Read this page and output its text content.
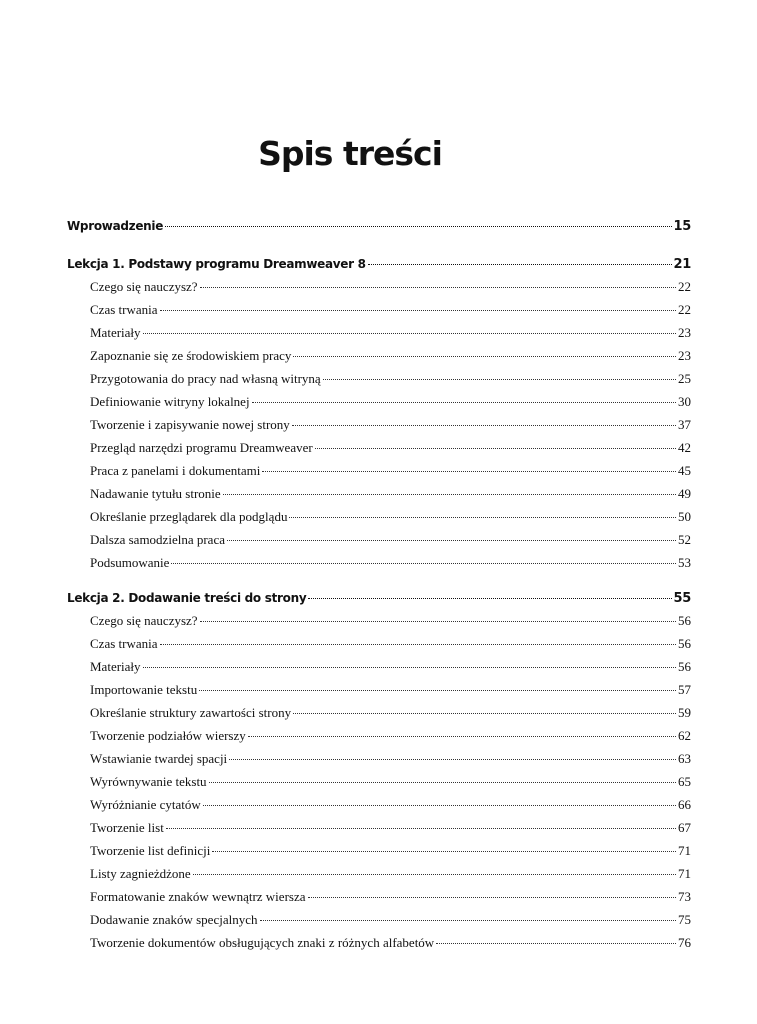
Spis treści
Wprowadzenie	15
Lekcja 1. Podstawy programu Dreamweaver 8	21
Czego się nauczysz?	22
Czas trwania	22
Materiały	23
Zapoznanie się ze środowiskiem pracy	23
Przygotowania do pracy nad własną witryną	25
Definiowanie witryny lokalnej	30
Tworzenie i zapisywanie nowej strony	37
Przegląd narzędzi programu Dreamweaver	42
Praca z panelami i dokumentami	45
Nadawanie tytułu stronie	49
Określanie przeglądarek dla podglądu	50
Dalsza samodzielna praca	52
Podsumowanie	53
Lekcja 2. Dodawanie treści do strony	55
Czego się nauczysz?	56
Czas trwania	56
Materiały	56
Importowanie tekstu	57
Określanie struktury zawartości strony	59
Tworzenie podziałów wierszy	62
Wstawianie twardej spacji	63
Wyrównywanie tekstu	65
Wyróżnianie cytatów	66
Tworzenie list	67
Tworzenie list definicji	71
Listy zagnieżdżone	71
Formatowanie znaków wewnątrz wiersza	73
Dodawanie znaków specjalnych	75
Tworzenie dokumentów obsługujących znaki z różnych alfabetów	76
